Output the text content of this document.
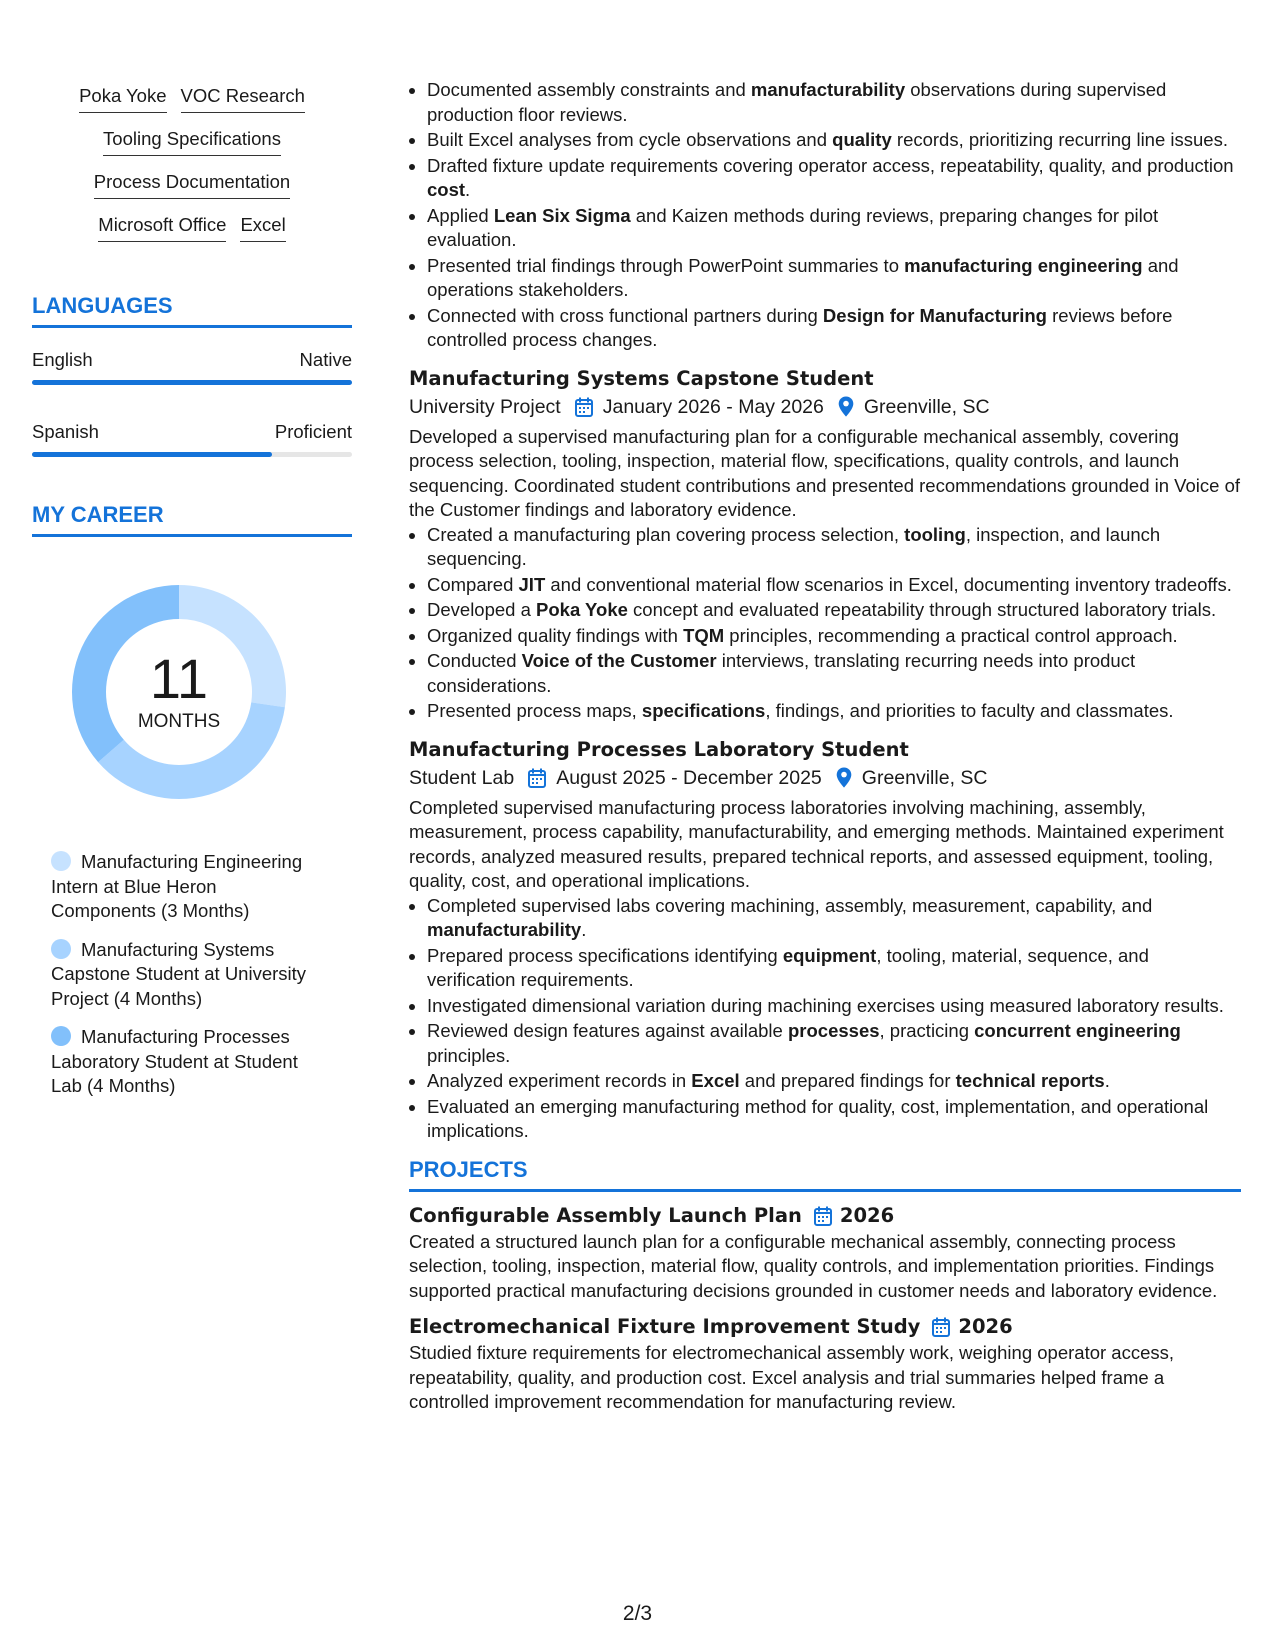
Poka Yoke VOC Research
Tooling Specifications
Process Documentation
Microsoft Office Excel
LANGUAGES
English	Native
Spanish	Proficient
MY CAREER
11
MONTHS
Manufacturing Engineering Intern at Blue Heron Components (3 Months)
Manufacturing Systems Capstone Student at University Project (4 Months)
Manufacturing Processes Laboratory Student at Student Lab (4 Months)
• Documented assembly constraints and manufacturability observations during supervised production floor reviews.
• Built Excel analyses from cycle observations and quality records, prioritizing recurring line issues.
• Drafted fixture update requirements covering operator access, repeatability, quality, and production cost.
• Applied Lean Six Sigma and Kaizen methods during reviews, preparing changes for pilot evaluation.
• Presented trial findings through PowerPoint summaries to manufacturing engineering and operations stakeholders.
• Connected with cross functional partners during Design for Manufacturing reviews before controlled process changes.
Manufacturing Systems Capstone Student
University Project January 2026 - May 2026 Greenville, SC
Developed a supervised manufacturing plan for a configurable mechanical assembly, covering process selection, tooling, inspection, material flow, specifications, quality controls, and launch sequencing. Coordinated student contributions and presented recommendations grounded in Voice of the Customer findings and laboratory evidence.
• Created a manufacturing plan covering process selection, tooling, inspection, and launch sequencing.
• Compared JIT and conventional material flow scenarios in Excel, documenting inventory tradeoffs.
• Developed a Poka Yoke concept and evaluated repeatability through structured laboratory trials.
• Organized quality findings with TQM principles, recommending a practical control approach.
• Conducted Voice of the Customer interviews, translating recurring needs into product considerations.
• Presented process maps, specifications, findings, and priorities to faculty and classmates.
Manufacturing Processes Laboratory Student
Student Lab August 2025 - December 2025 Greenville, SC
Completed supervised manufacturing process laboratories involving machining, assembly, measurement, process capability, manufacturability, and emerging methods. Maintained experiment records, analyzed measured results, prepared technical reports, and assessed equipment, tooling, quality, cost, and operational implications.
• Completed supervised labs covering machining, assembly, measurement, capability, and manufacturability.
• Prepared process specifications identifying equipment, tooling, material, sequence, and verification requirements.
• Investigated dimensional variation during machining exercises using measured laboratory results.
• Reviewed design features against available processes, practicing concurrent engineering principles.
• Analyzed experiment records in Excel and prepared findings for technical reports.
• Evaluated an emerging manufacturing method for quality, cost, implementation, and operational implications.
PROJECTS
Configurable Assembly Launch Plan 2026
Created a structured launch plan for a configurable mechanical assembly, connecting process selection, tooling, inspection, material flow, quality controls, and implementation priorities. Findings supported practical manufacturing decisions grounded in customer needs and laboratory evidence.
Electromechanical Fixture Improvement Study 2026
Studied fixture requirements for electromechanical assembly work, weighing operator access, repeatability, quality, and production cost. Excel analysis and trial summaries helped frame a controlled improvement recommendation for manufacturing review.
2/3
